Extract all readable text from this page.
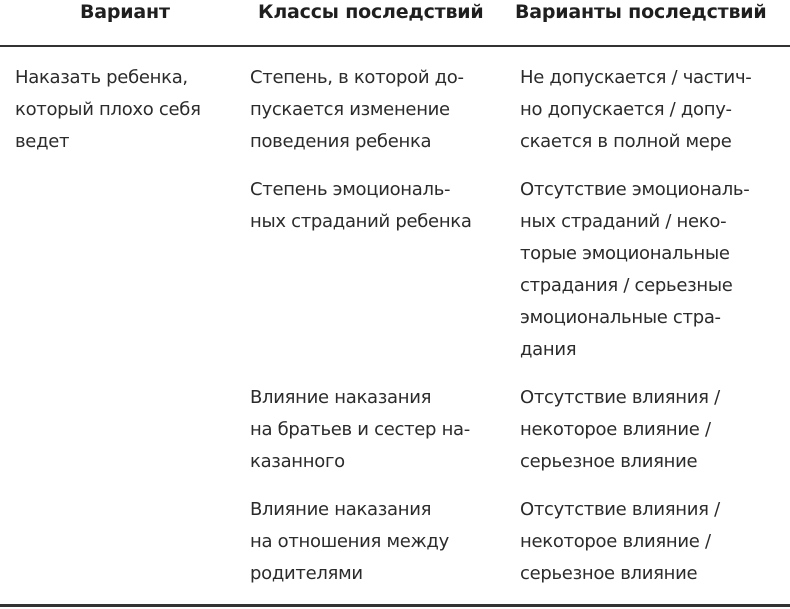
Вариант	Классы последствий Варианты последствий
Наказать ребенка,
который плохо себя
ведет
Степень, в которой до-
пускается изменение
поведения ребенка
Не допускается / частич-
но допускается / допу-
скается в полной мере
Степень эмоциональ-
ных страданий ребенка
Отсутствие эмоциональ-
ных страданий / неко-
торые эмоциональные
страдания / серьезные
эмоциональные стра-
дания
Влияние наказания
на братьев и сестер на-
казанного
Отсутствие влияния /
некоторое влияние /
серьезное влияние
Влияние наказания
на отношения между
родителями
Отсутствие влияния /
некоторое влияние /
серьезное влияние
